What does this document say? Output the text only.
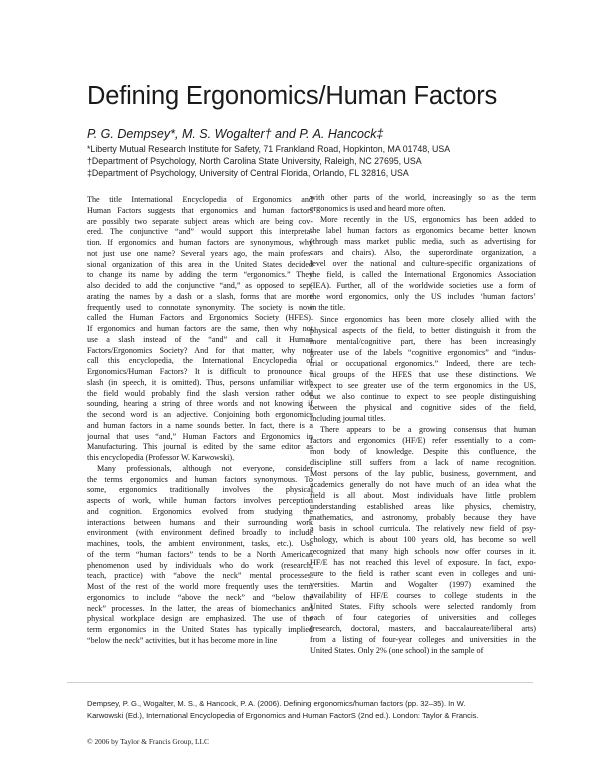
Defining Ergonomics/Human Factors
P. G. Dempsey*, M. S. Wogalter† and P. A. Hancock‡
*Liberty Mutual Research Institute for Safety, 71 Frankland Road, Hopkinton, MA 01748, USA
†Department of Psychology, North Carolina State University, Raleigh, NC 27695, USA
‡Department of Psychology, University of Central Florida, Orlando, FL 32816, USA
The title International Encyclopedia of Ergonomics and
Human Factors suggests that ergonomics and human factors
are possibly two separate subject areas which are being cov-
ered. The conjunctive “and” would support this interpreta-
tion. If ergonomics and human factors are synonymous, why
not just use one name? Several years ago, the main profes-
sional organization of this area in the United States decided
to change its name by adding the term “ergonomics.” They
also decided to add the conjunctive “and,” as opposed to sep-
arating the names by a dash or a slash, forms that are more
frequently used to connotate synonymity. The society is now
called the Human Factors and Ergonomics Society (HFES).
If ergonomics and human factors are the same, then why not
use a slash instead of the “and” and call it Human
Factors/Ergonomics Society? And for that matter, why not
call this encyclopedia, the International Encyclopedia of
Ergonomics/Human Factors? It is difficult to pronounce a
slash (in speech, it is omitted). Thus, persons unfamiliar with
the field would probably find the slash version rather odd
sounding, hearing a string of three words and not knowing if
the second word is an adjective. Conjoining both ergonomics
and human factors in a name sounds better. In fact, there is a
journal that uses “and,” Human Factors and Ergonomics in
Manufacturing. This journal is edited by the same editor as
this encyclopedia (Professor W. Karwowski).
Many professionals, although not everyone, consider
the terms ergonomics and human factors synonymous. To
some, ergonomics traditionally involves the physical
aspects of work, while human factors involves perception
and cognition. Ergonomics evolved from studying the
interactions between humans and their surrounding work
environment (with environment defined broadly to include
machines, tools, the ambient environment, tasks, etc.). Use
of the term “human factors” tends to be a North American
phenomenon used by individuals who do work (research,
teach, practice) with “above the neck” mental processes.
Most of the rest of the world more frequently uses the term
ergonomics to include “above the neck” and “below the
neck” processes. In the latter, the areas of biomechanics and
physical workplace design are emphasized. The use of the
term ergonomics in the United States has typically implied
“below the neck” activities, but it has become more in line
with other parts of the world, increasingly so as the term
ergonomics is used and heard more often.
More recently in the US, ergonomics has been added to
the label human factors as ergonomics became better known
(through mass market public media, such as advertising for
cars and chairs). Also, the superordinate organization, a
level over the national and culture-specific organizations of
the field, is called the International Ergonomics Association
(IEA). Further, all of the worldwide societies use a form of
the word ergonomics, only the US includes ‘human factors’
in the title.
Since ergonomics has been more closely allied with the
physical aspects of the field, to better distinguish it from the
more mental/cognitive part, there has been increasingly
greater use of the labels “cognitive ergonomics” and “indus-
trial or occupational ergonomics.” Indeed, there are tech-
nical groups of the HFES that use these distinctions. We
expect to see greater use of the term ergonomics in the US,
but we also continue to expect to see people distinguishing
between the physical and cognitive sides of the field,
including journal titles.
There appears to be a growing consensus that human
factors and ergonomics (HF/E) refer essentially to a com-
mon body of knowledge. Despite this confluence, the
discipline still suffers from a lack of name recognition.
Most persons of the lay public, business, government, and
academics generally do not have much of an idea what the
field is all about. Most individuals have little problem
understanding established areas like physics, chemistry,
mathematics, and astronomy, probably because they have
a basis in school curricula. The relatively new field of psy-
chology, which is about 100 years old, has become so well
recognized that many high schools now offer courses in it.
HF/E has not reached this level of exposure. In fact, expo-
sure to the field is rather scant even in colleges and uni-
versities. Martin and Wogalter (1997) examined the
availability of HF/E courses to college students in the
United States. Fifty schools were selected randomly from
each of four categories of universities and colleges
(research, doctoral, masters, and baccalaureate/liberal arts)
from a listing of four-year colleges and universities in the
United States. Only 2% (one school) in the sample of
Dempsey, P. G., Wogalter, M. S., & Hancock, P. A. (2006). Defining ergonomics/human factors (pp. 32–35). In W.
Karwowski (Ed.), International Encyclopedia of Ergonomics and Human FactorS (2nd ed.). London: Taylor & Francis.
© 2006 by Taylor & Francis Group, LLC
